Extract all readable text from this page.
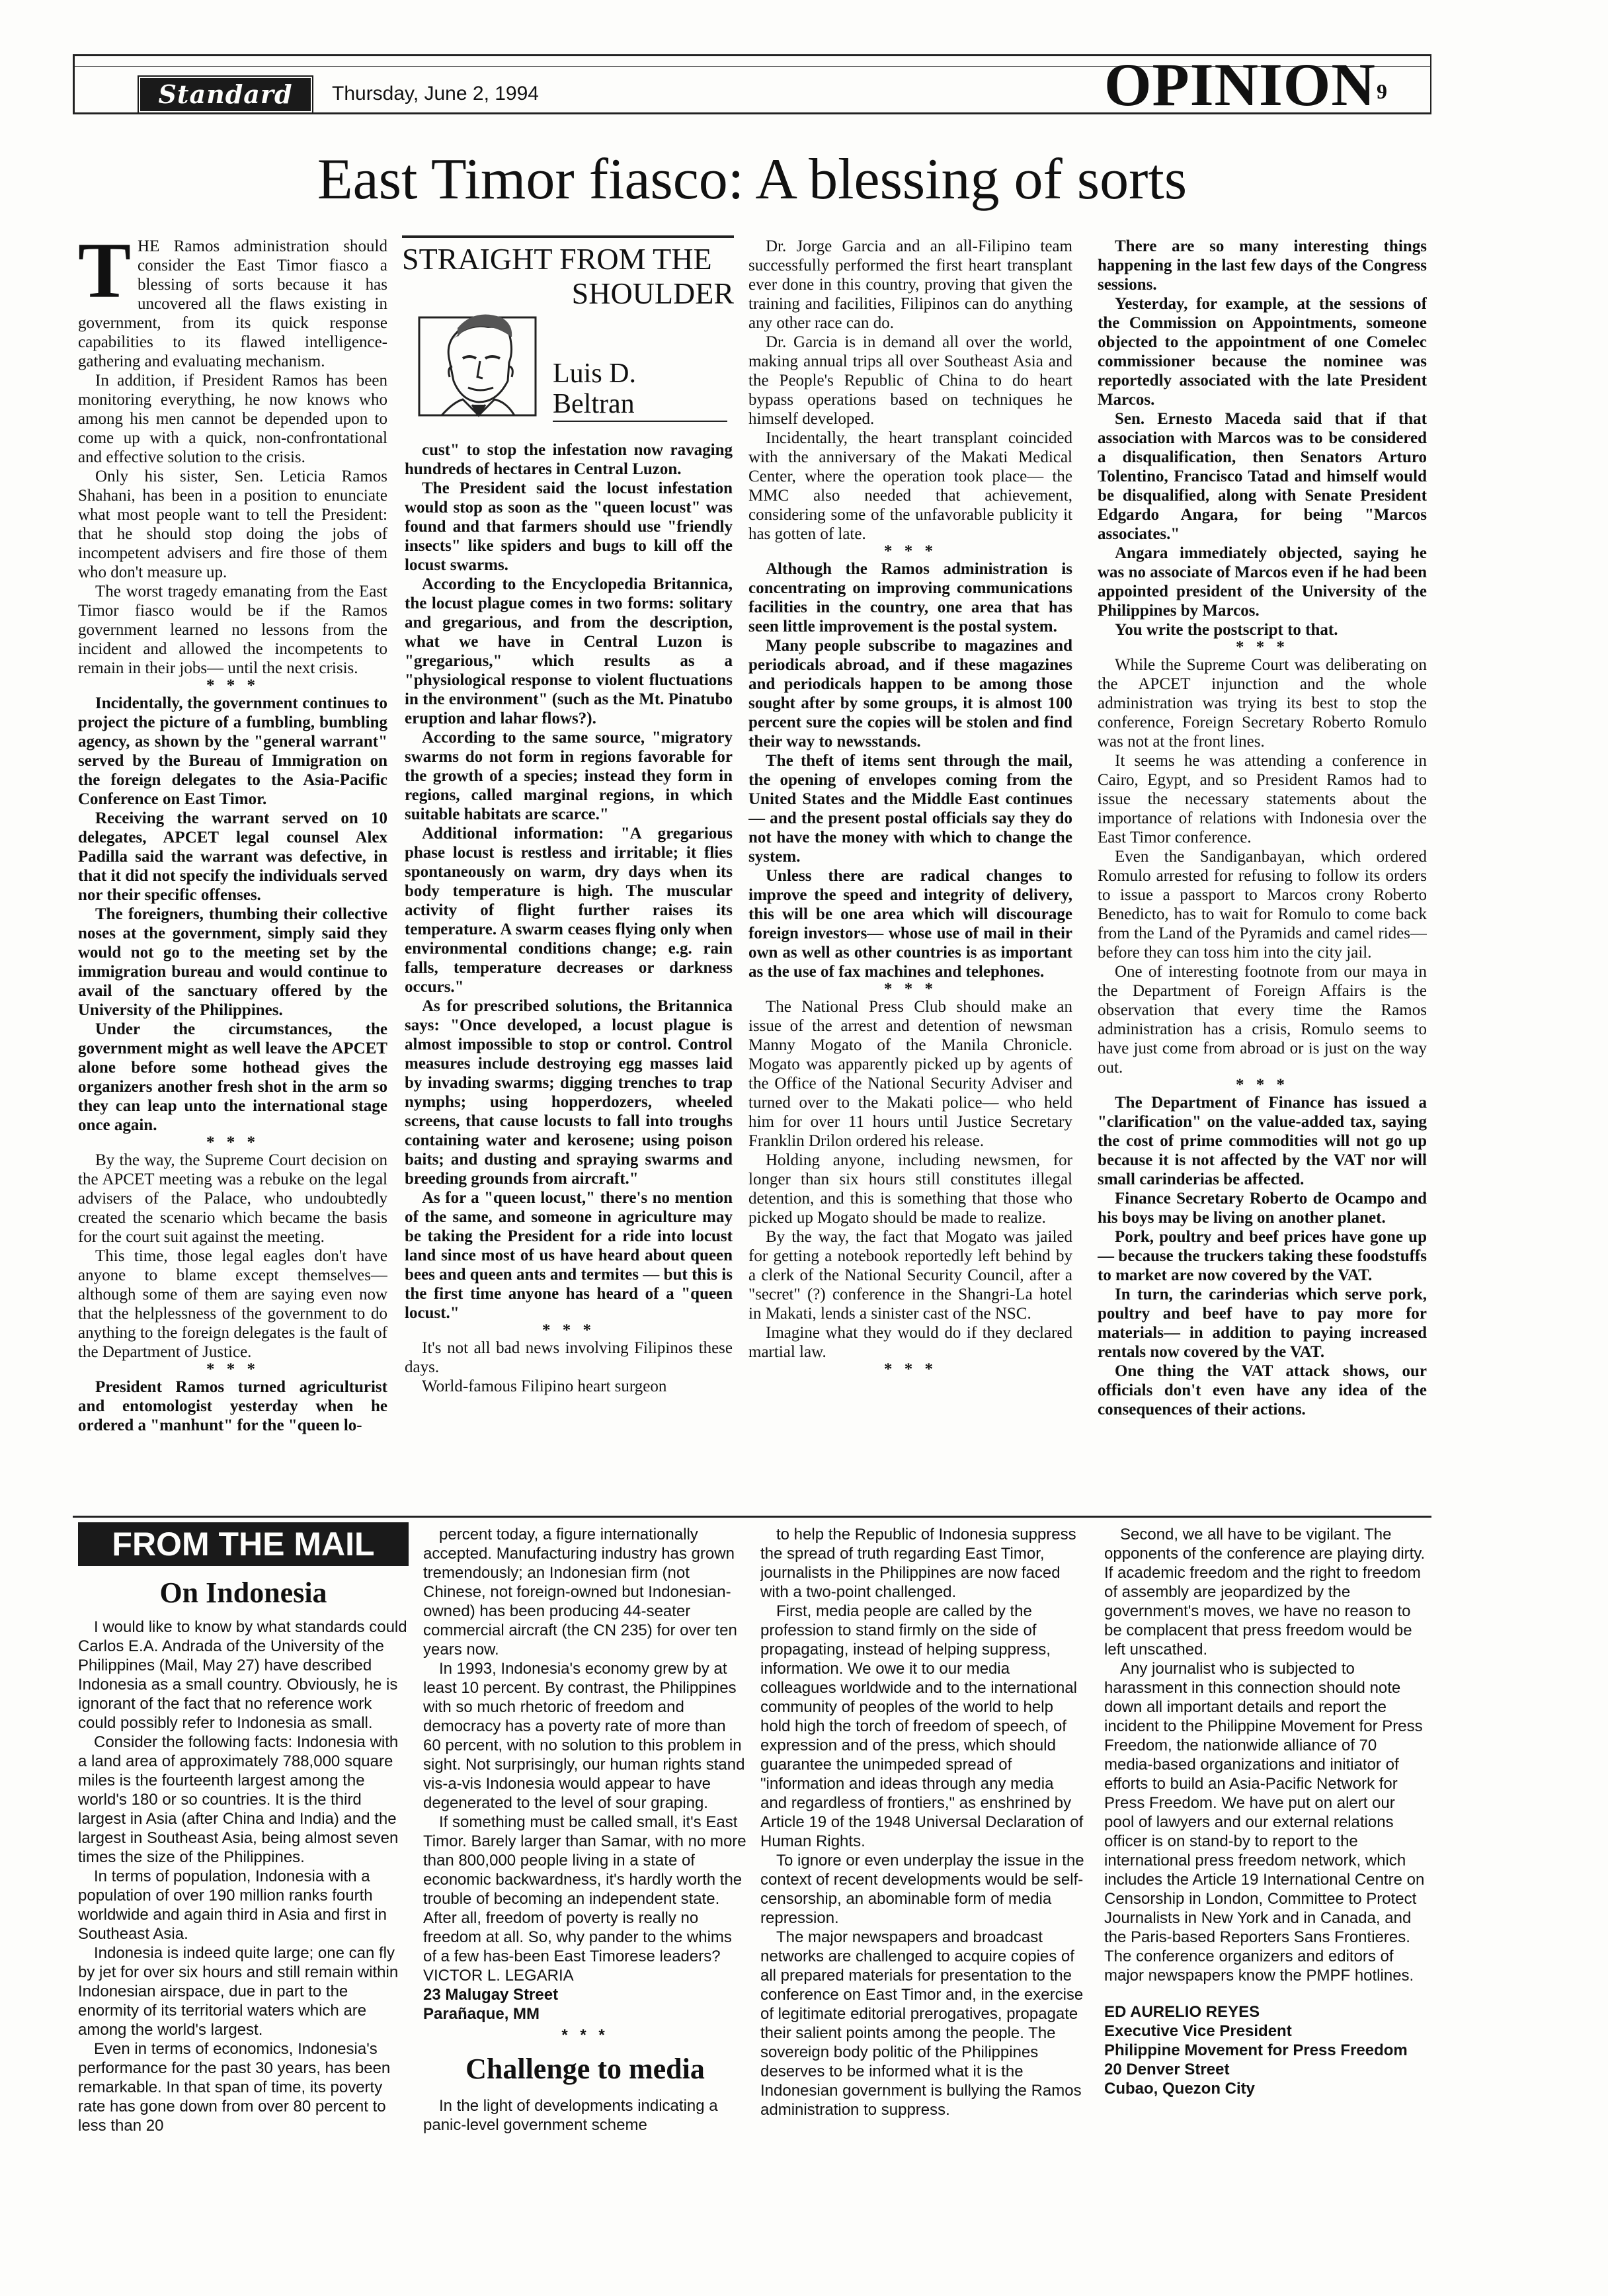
Standard	Thursday, June 2, 1994	OPINION 9
East Timor fiasco: A blessing of sorts
STRAIGHT FROM THE
SHOULDER
Luis D.
Beltran
T HE Ramos administration should consider the East Timor fiasco a blessing of sorts because it has uncovered all the flaws existing in government, from its quick response capabilities to its flawed intelligence-gathering and evaluating mechanism.

In addition, if President Ramos has been monitoring everything, he now knows who among his men cannot be depended upon to come up with a quick, non-confrontational and effective solution to the crisis.

Only his sister, Sen. Leticia Ramos Shahani, has been in a position to enunciate what most people want to tell the President: that he should stop doing the jobs of incompetent advisers and fire those of them who don't measure up.

The worst tragedy emanating from the East Timor fiasco would be if the Ramos government learned no lessons from the incident and allowed the incompetents to remain in their jobs— until the next crisis.

* * *

Incidentally, the government continues to project the picture of a fumbling, bumbling agency, as shown by the "general warrant" served by the Bureau of Immigration on the foreign delegates to the Asia-Pacific Conference on East Timor.

Receiving the warrant served on 10 delegates, APCET legal counsel Alex Padilla said the warrant was defective, in that it did not specify the individuals served nor their specific offenses.

The foreigners, thumbing their collective noses at the government, simply said they would not go to the meeting set by the immigration bureau and would continue to avail of the sanctuary offered by the University of the Philippines.

Under the circumstances, the government might as well leave the APCET alone before some hothead gives the organizers another fresh shot in the arm so they can leap unto the international stage once again.

* * *

By the way, the Supreme Court decision on the APCET meeting was a rebuke on the legal advisers of the Palace, who undoubtedly created the scenario which became the basis for the court suit against the meeting.

This time, those legal eagles don't have anyone to blame except themselves— although some of them are saying even now that the helplessness of the government to do anything to the foreign delegates is the fault of the Department of Justice.

* * *

President Ramos turned agriculturist and entomologist yesterday when he ordered a "manhunt" for the "queen lo-

cust" to stop the infestation now ravaging hundreds of hectares in Central Luzon.

The President said the locust infestation would stop as soon as the "queen locust" was found and that farmers should use "friendly insects" like spiders and bugs to kill off the locust swarms.

According to the Encyclopedia Britannica, the locust plague comes in two forms: solitary and gregarious, and from the description, what we have in Central Luzon is "gregarious," which results as a "physiological response to violent fluctuations in the environment" (such as the Mt. Pinatubo eruption and lahar flows?).

According to the same source, "migratory swarms do not form in regions favorable for the growth of a species; instead they form in regions, called marginal regions, in which suitable habitats are scarce."

Additional information: "A gregarious phase locust is restless and irritable; it flies spontaneously on warm, dry days when its body temperature is high. The muscular activity of flight further raises its temperature. A swarm ceases flying only when environmental conditions change; e.g. rain falls, temperature decreases or darkness occurs."

As for prescribed solutions, the Britannica says: "Once developed, a locust plague is almost impossible to stop or control. Control measures include destroying egg masses laid by invading swarms; digging trenches to trap nymphs; using hopperdozers, wheeled screens, that cause locusts to fall into troughs containing water and kerosene; using poison baits; and dusting and spraying swarms and breeding grounds from aircraft."

As for a "queen locust," there's no mention of the same, and someone in agriculture may be taking the President for a ride into locust land since most of us have heard about queen bees and queen ants and termites — but this is the first time anyone has heard of a "queen locust."

* * *

It's not all bad news involving Filipinos these days.

World-famous Filipino heart surgeon

Dr. Jorge Garcia and an all-Filipino team successfully performed the first heart transplant ever done in this country, proving that given the training and facilities, Filipinos can do anything any other race can do.

Dr. Garcia is in demand all over the world, making annual trips all over Southeast Asia and the People's Republic of China to do heart bypass operations based on techniques he himself developed.

Incidentally, the heart transplant coincided with the anniversary of the Makati Medical Center, where the operation took place— the MMC also needed that achievement, considering some of the unfavorable publicity it has gotten of late.

* * *

Although the Ramos administration is concentrating on improving communications facilities in the country, one area that has seen little improvement is the postal system.

Many people subscribe to magazines and periodicals abroad, and if these magazines and periodicals happen to be among those sought after by some groups, it is almost 100 percent sure the copies will be stolen and find their way to newsstands.

The theft of items sent through the mail, the opening of envelopes coming from the United States and the Middle East continues— and the present postal officials say they do not have the money with which to change the system.

Unless there are radical changes to improve the speed and integrity of delivery, this will be one area which will discourage foreign investors— whose use of mail in their own as well as other countries is as important as the use of fax machines and telephones.

* * *

The National Press Club should make an issue of the arrest and detention of newsman Manny Mogato of the Manila Chronicle. Mogato was apparently picked up by agents of the Office of the National Security Adviser and turned over to the Makati police— who held him for over 11 hours until Justice Secretary Franklin Drilon ordered his release.

Holding anyone, including newsmen, for longer than six hours still constitutes illegal detention, and this is something that those who picked up Mogato should be made to realize.

By the way, the fact that Mogato was jailed for getting a notebook reportedly left behind by a clerk of the National Security Council, after a "secret" (?) conference in the Shangri-La hotel in Makati, lends a sinister cast of the NSC.

Imagine what they would do if they declared martial law.

* * *

There are so many interesting things happening in the last few days of the Congress sessions.

Yesterday, for example, at the sessions of the Commission on Appointments, someone objected to the appointment of one Comelec commissioner because the nominee was reportedly associated with the late President Marcos.

Sen. Ernesto Maceda said that if that association with Marcos was to be considered a disqualification, then Senators Arturo Tolentino, Francisco Tatad and himself would be disqualified, along with Senate President Edgardo Angara, for being "Marcos associates."

Angara immediately objected, saying he was no associate of Marcos even if he had been appointed president of the University of the Philippines by Marcos.

You write the postscript to that.

* * *

While the Supreme Court was deliberating on the APCET injunction and the whole administration was trying its best to stop the conference, Foreign Secretary Roberto Romulo was not at the front lines.

It seems he was attending a conference in Cairo, Egypt, and so President Ramos had to issue the necessary statements about the importance of relations with Indonesia over the East Timor conference.

Even the Sandiganbayan, which ordered Romulo arrested for refusing to follow its orders to issue a passport to Marcos crony Roberto Benedicto, has to wait for Romulo to come back from the Land of the Pyramids and camel rides— before they can toss him into the city jail.

One of interesting footnote from our maya in the Department of Foreign Affairs is the observation that every time the Ramos administration has a crisis, Romulo seems to have just come from abroad or is just on the way out.

* * *

The Department of Finance has issued a "clarification" on the value-added tax, saying the cost of prime commodities will not go up because it is not affected by the VAT nor will small carinderias be affected.

Finance Secretary Roberto de Ocampo and his boys may be living on another planet.

Pork, poultry and beef prices have gone up— because the truckers taking these foodstuffs to market are now covered by the VAT.

In turn, the carinderias which serve pork, poultry and beef have to pay more for materials— in addition to paying increased rentals now covered by the VAT.

One thing the VAT attack shows, our officials don't even have any idea of the consequences of their actions.

FROM THE MAIL
On Indonesia

I would like to know by what standards could Carlos E.A. Andrada of the University of the Philippines (Mail, May 27) have described Indonesia as a small country. Obviously, he is ignorant of the fact that no reference work could possibly refer to Indonesia as small.

Consider the following facts: Indonesia with a land area of approximately 788,000 square miles is the fourteenth largest among the world's 180 or so countries. It is the third largest in Asia (after China and India) and the largest in Southeast Asia, being almost seven times the size of the Philippines.

In terms of population, Indonesia with a population of over 190 million ranks fourth worldwide and again third in Asia and first in Southeast Asia.

Indonesia is indeed quite large; one can fly by jet for over six hours and still remain within Indonesian airspace, due in part to the enormity of its territorial waters which are among the world's largest.

Even in terms of economics, Indonesia's performance for the past 30 years, has been remarkable. In that span of time, its poverty rate has gone down from over 80 percent to less than 20

percent today, a figure internationally accepted. Manufacturing industry has grown tremendously; an Indonesian firm (not Chinese, not foreign-owned but Indonesian-owned) has been producing 44-seater commercial aircraft (the CN 235) for over ten years now.

In 1993, Indonesia's economy grew by at least 10 percent. By contrast, the Philippines with so much rhetoric of freedom and democracy has a poverty rate of more than 60 percent, with no solution to this problem in sight. Not surprisingly, our human rights stand vis-a-vis Indonesia would appear to have degenerated to the level of sour graping.

If something must be called small, it's East Timor. Barely larger than Samar, with no more than 800,000 people living in a state of economic backwardness, it's hardly worth the trouble of becoming an independent state. After all, freedom of poverty is really no freedom at all. So, why pander to the whims of a few has-been East Timorese leaders?

VICTOR L. LEGARIA

23 Malugay Street

Parañaque, MM

* * *
Challenge to media

In the light of developments indicating a panic-level government scheme

to help the Republic of Indonesia suppress the spread of truth regarding East Timor, journalists in the Philippines are now faced with a two-point challenged.

First, media people are called by the profession to stand firmly on the side of propagating, instead of helping suppress, information. We owe it to our media colleagues worldwide and to the international community of peoples of the world to help hold high the torch of freedom of speech, of expression and of the press, which should guarantee the unimpeded spread of "information and ideas through any media and regardless of frontiers," as enshrined by Article 19 of the 1948 Universal Declaration of Human Rights.

To ignore or even underplay the issue in the context of recent developments would be self-censorship, an abominable form of media repression.

The major newspapers and broadcast networks are challenged to acquire copies of all prepared materials for presentation to the conference on East Timor and, in the exercise of legitimate editorial prerogatives, propagate their salient points among the people. The sovereign body politic of the Philippines deserves to be informed what it is the Indonesian government is bullying the Ramos administration to suppress.

Second, we all have to be vigilant. The opponents of the conference are playing dirty. If academic freedom and the right to freedom of assembly are jeopardized by the government's moves, we have no reason to be complacent that press freedom would be left unscathed.

Any journalist who is subjected to harassment in this connection should note down all important details and report the incident to the Philippine Movement for Press Freedom, the nationwide alliance of 70 media-based organizations and initiator of efforts to build an Asia-Pacific Network for Press Freedom. We have put on alert our pool of lawyers and our external relations officer is on stand-by to report to the international press freedom network, which includes the Article 19 International Centre on Censorship in London, Committee to Protect Journalists in New York and in Canada, and the Paris-based Reporters Sans Frontieres. The conference organizers and editors of major newspapers know the PMPF hotlines.

ED AURELIO REYES

Executive Vice President

Philippine Movement for Press Freedom

20 Denver Street

Cubao, Quezon City
